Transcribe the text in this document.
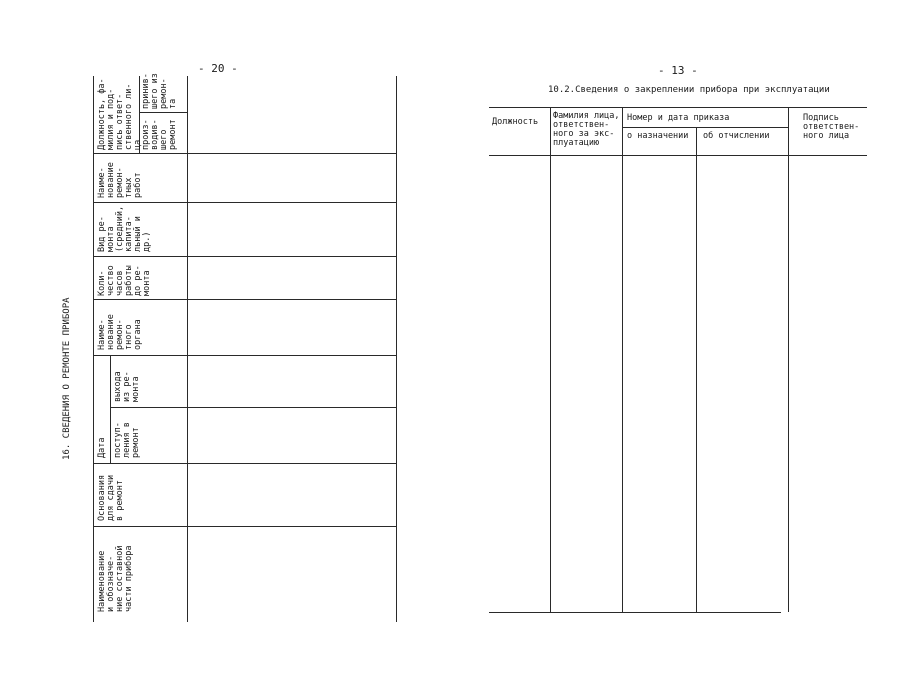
- 20 -
16. СВЕДЕНИЯ О РЕМОНТЕ ПРИБОРА
Наименование
и обозначе-
ние составной
части прибора
Основания
для сдачи
в ремонт
Дата поступ-
ления в
ремонт
выхода
из ре-
монта
Наиме-
нование
ремон-
тного
органа
Коли-
чество
часов
работы
до ре-
монта
Вид ре-
монта
(средний,
капита-
льный и
др.)
Наиме-
нование
ремон-
тных
работ
Должность, фа-
милия и под-
пись ответ-
ственного ли-
ца
произ-
водив-
шего
ремонт
принив-
шего из
ремон-
та
- 13 -
10.2.Сведения о закреплении прибора при эксплуатации
Должность
Фамилия лица,
ответствен-
ного за экс-
плуатацию
Номер и дата приказа
о назначении об отчислении
Подпись
ответствен-
ного лица
